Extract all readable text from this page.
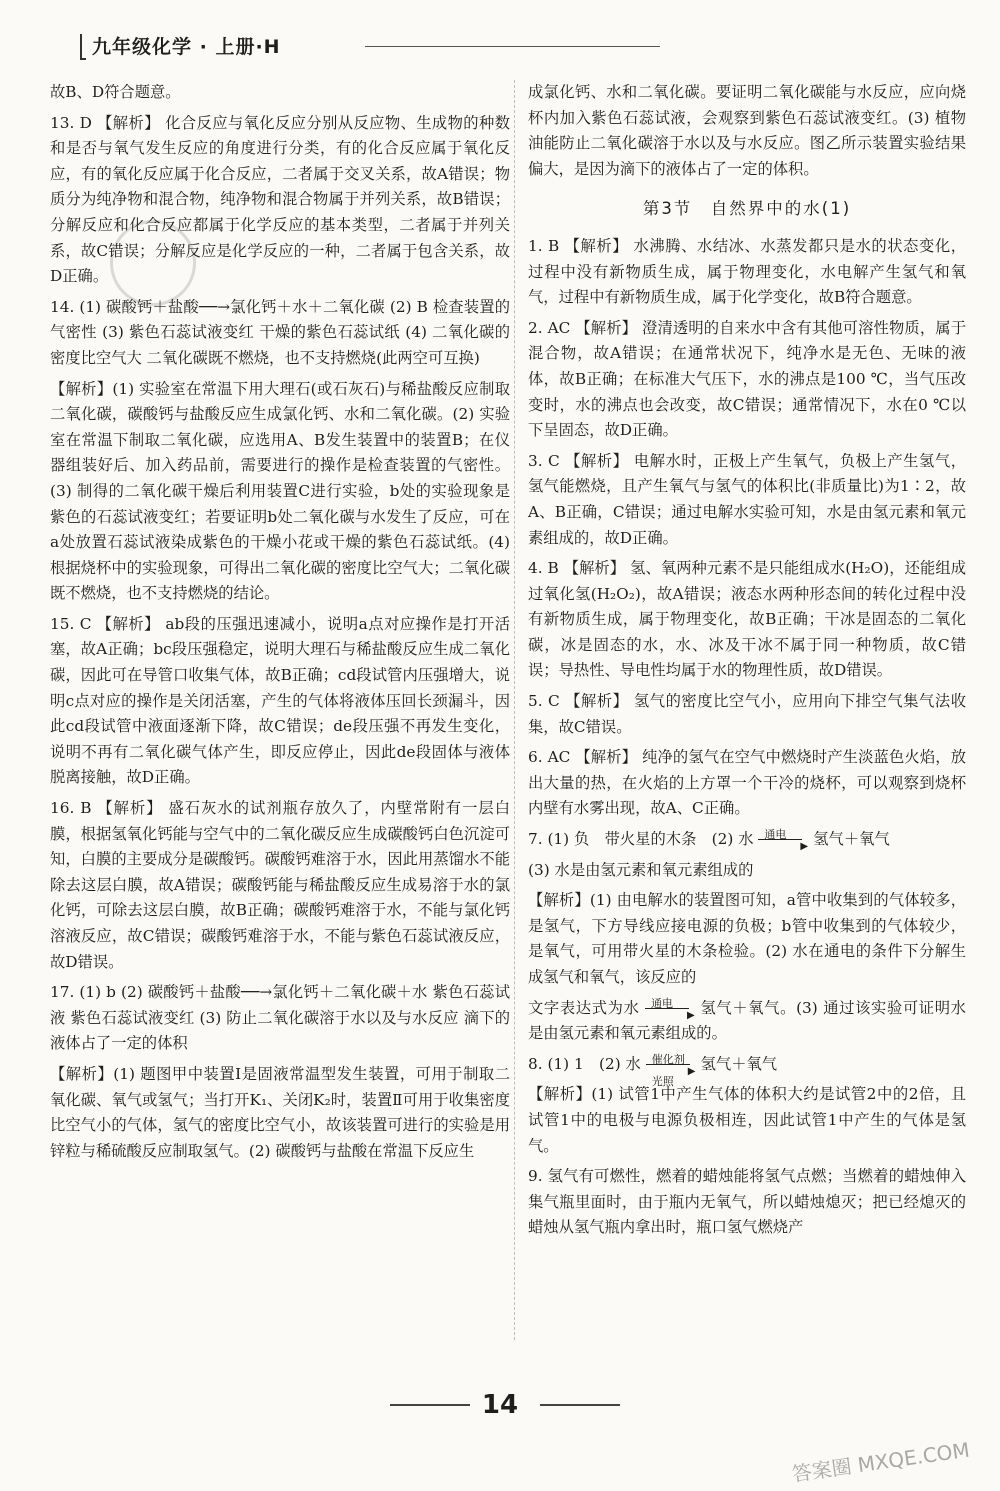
九年级化学 · 上册·H

故B、D符合题意。

13. D 【解析】 化合反应与氧化反应分别从反应物、生成物的种数和是否与氧气发生反应的角度进行分类，有的化合反应属于氧化反应，有的氧化反应属于化合反应，二者属于交叉关系，故A错误；物质分为纯净物和混合物，纯净物和混合物属于并列关系，故B错误；分解反应和化合反应都属于化学反应的基本类型，二者属于并列关系，故C错误；分解反应是化学反应的一种，二者属于包含关系，故D正确。

14. (1) 碳酸钙＋盐酸──→氯化钙＋水＋二氧化碳 (2) B 检查装置的气密性 (3) 紫色石蕊试液变红 干燥的紫色石蕊试纸 (4) 二氧化碳的密度比空气大 二氧化碳既不燃烧，也不支持燃烧(此两空可互换)

【解析】(1) 实验室在常温下用大理石(或石灰石)与稀盐酸反应制取二氧化碳，碳酸钙与盐酸反应生成氯化钙、水和二氧化碳。(2) 实验室在常温下制取二氧化碳，应选用A、B发生装置中的装置B；在仪器组装好后、加入药品前，需要进行的操作是检查装置的气密性。(3) 制得的二氧化碳干燥后利用装置C进行实验，b处的实验现象是紫色的石蕊试液变红；若要证明b处二氧化碳与水发生了反应，可在a处放置石蕊试液染成紫色的干燥小花或干燥的紫色石蕊试纸。(4) 根据烧杯中的实验现象，可得出二氧化碳的密度比空气大；二氧化碳既不燃烧，也不支持燃烧的结论。

15. C 【解析】 ab段的压强迅速减小，说明a点对应操作是打开活塞，故A正确；bc段压强稳定，说明大理石与稀盐酸反应生成二氧化碳，因此可在导管口收集气体，故B正确；cd段试管内压强增大，说明c点对应的操作是关闭活塞，产生的气体将液体压回长颈漏斗，因此cd段试管中液面逐渐下降，故C错误；de段压强不再发生变化，说明不再有二氧化碳气体产生，即反应停止，因此de段固体与液体脱离接触，故D正确。

16. B 【解析】 盛石灰水的试剂瓶存放久了，内壁常附有一层白膜，根据氢氧化钙能与空气中的二氧化碳反应生成碳酸钙白色沉淀可知，白膜的主要成分是碳酸钙。碳酸钙难溶于水，因此用蒸馏水不能除去这层白膜，故A错误；碳酸钙能与稀盐酸反应生成易溶于水的氯化钙，可除去这层白膜，故B正确；碳酸钙难溶于水，不能与氯化钙溶液反应，故C错误；碳酸钙难溶于水，不能与紫色石蕊试液反应，故D错误。

17. (1) b (2) 碳酸钙＋盐酸──→氯化钙＋二氧化碳＋水 紫色石蕊试液 紫色石蕊试液变红 (3) 防止二氧化碳溶于水以及与水反应 滴下的液体占了一定的体积

【解析】(1) 题图甲中装置Ⅰ是固液常温型发生装置，可用于制取二氧化碳、氧气或氢气；当打开K₁、关闭K₂时，装置Ⅱ可用于收集密度比空气小的气体，氢气的密度比空气小，故该装置可进行的实验是用锌粒与稀硫酸反应制取氢气。(2) 碳酸钙与盐酸在常温下反应生

成氯化钙、水和二氧化碳。要证明二氧化碳能与水反应，应向烧杯内加入紫色石蕊试液，会观察到紫色石蕊试液变红。(3) 植物油能防止二氧化碳溶于水以及与水反应。图乙所示装置实验结果偏大，是因为滴下的液体占了一定的体积。

第3节　自然界中的水(1)

1. B 【解析】 水沸腾、水结冰、水蒸发都只是水的状态变化，过程中没有新物质生成，属于物理变化，水电解产生氢气和氧气，过程中有新物质生成，属于化学变化，故B符合题意。

2. AC 【解析】 澄清透明的自来水中含有其他可溶性物质，属于混合物，故A错误；在通常状况下，纯净水是无色、无味的液体，故B正确；在标准大气压下，水的沸点是100 ℃，当气压改变时，水的沸点也会改变，故C错误；通常情况下，水在0 ℃以下呈固态，故D正确。

3. C 【解析】 电解水时，正极上产生氧气，负极上产生氢气，氢气能燃烧，且产生氧气与氢气的体积比(非质量比)为1∶2，故A、B正确，C错误；通过电解水实验可知，水是由氢元素和氧元素组成的，故D正确。

4. B 【解析】 氢、氧两种元素不是只能组成水(H₂O)，还能组成过氧化氢(H₂O₂)，故A错误；液态水两种形态间的转化过程中没有新物质生成，属于物理变化，故B正确；干冰是固态的二氧化碳，冰是固态的水，水、冰及干冰不属于同一种物质，故C错误；导热性、导电性均属于水的物理性质，故D错误。

5. C 【解析】 氢气的密度比空气小，应用向下排空气集气法收集，故C错误。

6. AC 【解析】 纯净的氢气在空气中燃烧时产生淡蓝色火焰，放出大量的热，在火焰的上方罩一个干冷的烧杯，可以观察到烧杯内壁有水雾出现，故A、C正确。

7. (1) 负　带火星的木条　(2) 水 通电
▶ 氢气＋氧气

(3) 水是由氢元素和氧元素组成的

【解析】(1) 由电解水的装置图可知，a管中收集到的气体较多，是氢气，下方导线应接电源的负极；b管中收集到的气体较少，是氧气，可用带火星的木条检验。(2) 水在通电的条件下分解生成氢气和氧气，该反应的

文字表达式为水 通电
▶ 氢气＋氧气。(3) 通过该实验可证明水是由氢元素和氧元素组成的。

8. (1) 1　(2) 水 催化剂
▶
光照
氢气＋氧气

【解析】(1) 试管1中产生气体的体积大约是试管2中的2倍，且试管1中的电极与电源负极相连，因此试管1中产生的气体是氢气。

9. 氢气有可燃性，燃着的蜡烛能将氢气点燃；当燃着的蜡烛伸入集气瓶里面时，由于瓶内无氧气，所以蜡烛熄灭；把已经熄灭的蜡烛从氢气瓶内拿出时，瓶口氢气燃烧产

14
答案圈 MXQE.COM
